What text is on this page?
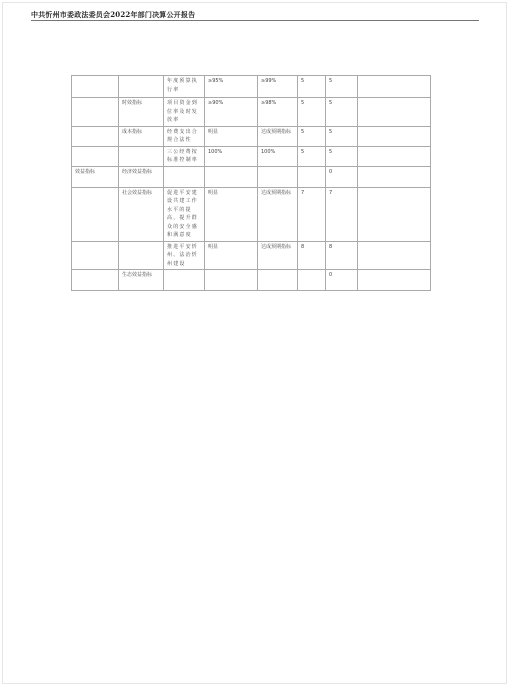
中共忻州市委政法委员会2022年部门决算公开报告
		年度预算执行率	≥95%	≥99%	5	5	
	时效指标	项目资金到位率及时发放率	≥90%	≥98%	5	5	
	成本指标	经费支出合规合法性	明显	达成预期指标	5	5	
		三公经费按标准控制率	100%	100%	5	5	
效益指标	经济效益指标					0	
	社会效益指标	促进平安建设共建工作水平的提高，提升群众的安全感和满意度	明显	达成预期指标	7	7	
		推进平安忻州、法治忻州建设	明显	达成预期指标	8	8	
	生态效益指标					0	
